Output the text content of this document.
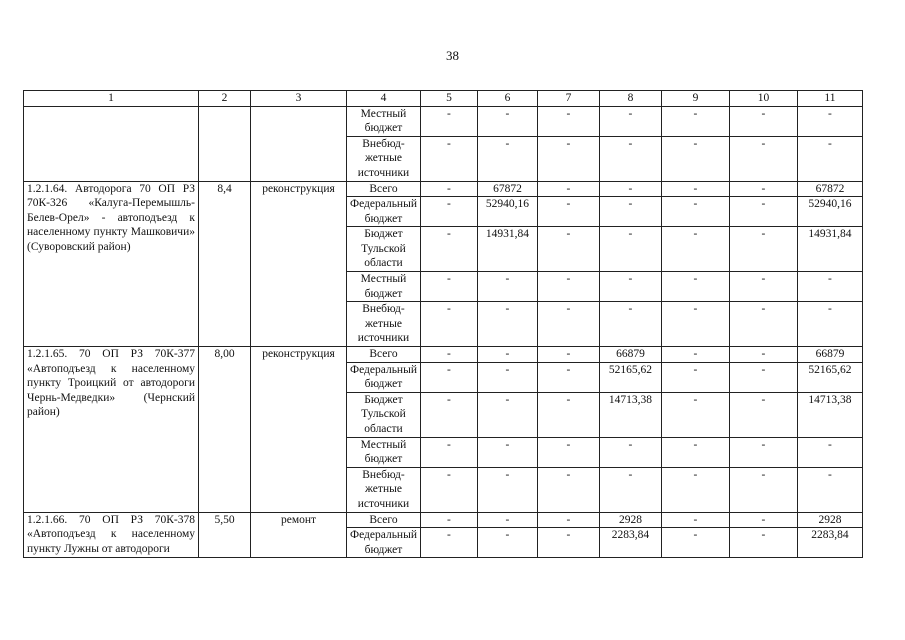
38
1	2	3	4	5	6	7	8	9	10	11
			Местный бюджет	-	-	-	-	-	-	-
			Внебюд-жетные источники	-	-	-	-	-	-	-
1.2.1.64. Автодорога 70 ОП РЗ 70К-326 «Калуга-Перемышль-Белев-Орел» - автоподъезд к населенному пункту Машковичи» (Суворовский район)	8,4	реконструкция	Всего	-	67872	-	-	-	-	67872
			Федеральный бюджет	-	52940,16	-	-	-	-	52940,16
			Бюджет Тульской области	-	14931,84	-	-	-	-	14931,84
			Местный бюджет	-	-	-	-	-	-	-
			Внебюд-жетные источники	-	-	-	-	-	-	-
1.2.1.65. 70 ОП РЗ 70К-377 «Автоподъезд к населенному пункту Троицкий от автодороги Чернь-Медведки» (Чернский район)	8,00	реконструкция	Всего	-	-	-	66879	-	-	66879
			Федеральный бюджет	-	-	-	52165,62	-	-	52165,62
			Бюджет Тульской области	-	-	-	14713,38	-	-	14713,38
			Местный бюджет	-	-	-	-	-	-	-
			Внебюд-жетные источники	-	-	-	-	-	-	-
1.2.1.66. 70 ОП РЗ 70К-378 «Автоподъезд к населенному пункту Лужны от автодороги	5,50	ремонт	Всего	-	-	-	2928	-	-	2928
			Федеральный бюджет	-	-	-	2283,84	-	-	2283,84
